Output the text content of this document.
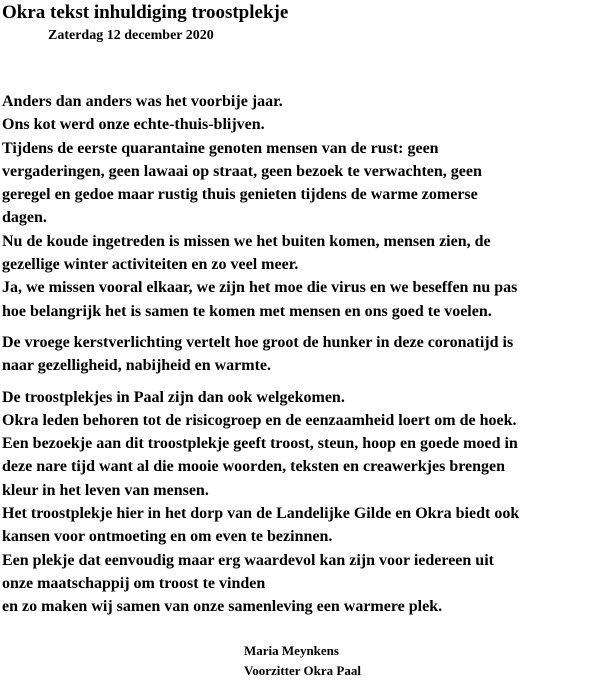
Okra tekst inhuldiging troostplekje
Zaterdag 12 december 2020

Anders dan anders was het voorbije jaar.
Ons kot werd onze echte-thuis-blijven.
Tijdens de eerste quarantaine genoten mensen van de rust: geen
vergaderingen, geen lawaai op straat, geen bezoek te verwachten, geen
geregel en gedoe maar rustig thuis genieten tijdens de warme zomerse
dagen.
Nu de koude ingetreden is missen we het buiten komen, mensen zien, de
gezellige winter activiteiten en zo veel meer.
Ja, we missen vooral elkaar, we zijn het moe die virus en we beseffen nu pas
hoe belangrijk het is samen te komen met mensen en ons goed te voelen.

De vroege kerstverlichting vertelt hoe groot de hunker in deze coronatijd is
naar gezelligheid, nabijheid en warmte.

De troostplekjes in Paal zijn dan ook welgekomen.
Okra leden behoren tot de risicogroep en de eenzaamheid loert om de hoek.
Een bezoekje aan dit troostplekje geeft troost, steun, hoop en goede moed in
deze nare tijd want al die mooie woorden, teksten en creawerkjes brengen
kleur in het leven van mensen.
Het troostplekje hier in het dorp van de Landelijke Gilde en Okra biedt ook
kansen voor ontmoeting en om even te bezinnen.
Een plekje dat eenvoudig maar erg waardevol kan zijn voor iedereen uit
onze maatschappij om troost te vinden
en zo maken wij samen van onze samenleving een warmere plek.

Maria Meynkens
Voorzitter Okra Paal
